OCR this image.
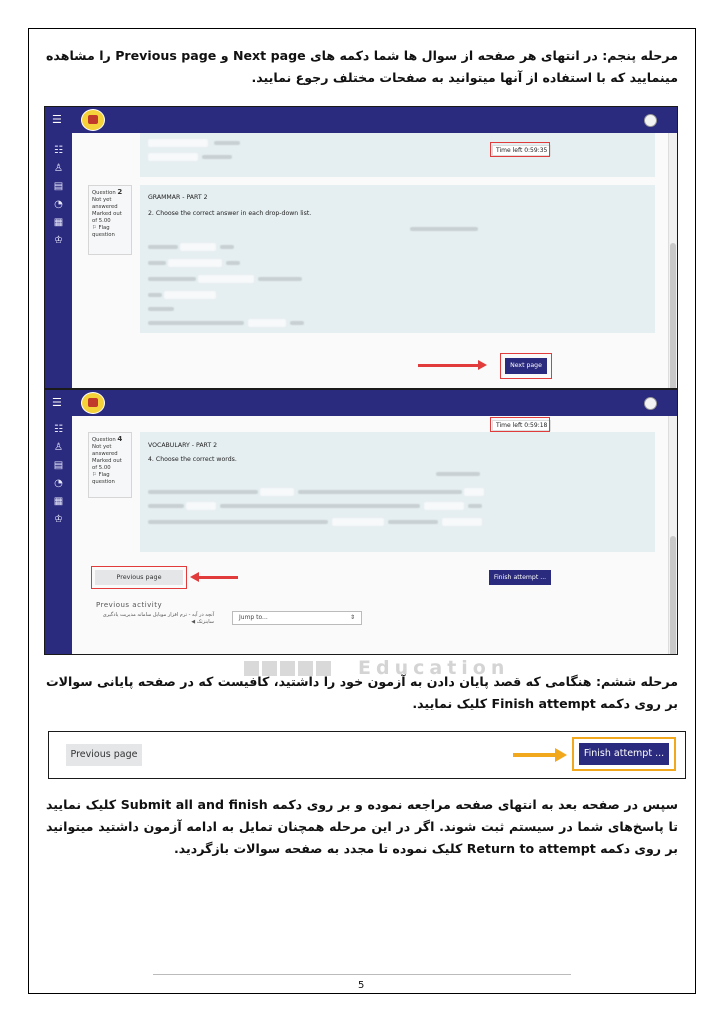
مرحله پنجم: در انتهای هر صفحه از سوال ها شما دکمه های Next page و Previous page را مشاهده مینمایید که با استفاده از آنها میتوانید به صفحات مختلف رجوع نمایید.
☰
☷
♙
▤
◔
▦
♔
Time left 0:59:35
Question 2
Not yet answered
Marked out of 5.00
⚐ Flag question
GRAMMAR - PART 2
2. Choose the correct answer in each drop-down list.
Next page
☰
☷
♙
▤
◔
▦
♔
Time left 0:59:18
Question 4
Not yet answered
Marked out of 5.00
⚐ Flag question
VOCABULARY - PART 2
4. Choose the correct words.
Previous page	Finish attempt ...
Previous activity
آنچه در آیه - ترم افزار موبایل سامانه مدیریت یادگیری ساینزتک ◀
Jump to...	⇕
Education
مرحله ششم: هنگامی که قصد پایان دادن به آزمون خود را داشتید، کافیست که در صفحه پایانی سوالات بر روی دکمه Finish attempt کلیک نمایید.
Previous page	Finish attempt ...
سپس در صفحه بعد به انتهای صفحه مراجعه نموده و بر روی دکمه Submit all and finish کلیک نمایید تا پاسخ‌های شما در سیستم ثبت شوند. اگر در این مرحله همچنان تمایل به ادامه آزمون داشتید میتوانید بر روی دکمه Return to attempt کلیک نموده تا مجدد به صفحه سوالات بازگردید.
5
